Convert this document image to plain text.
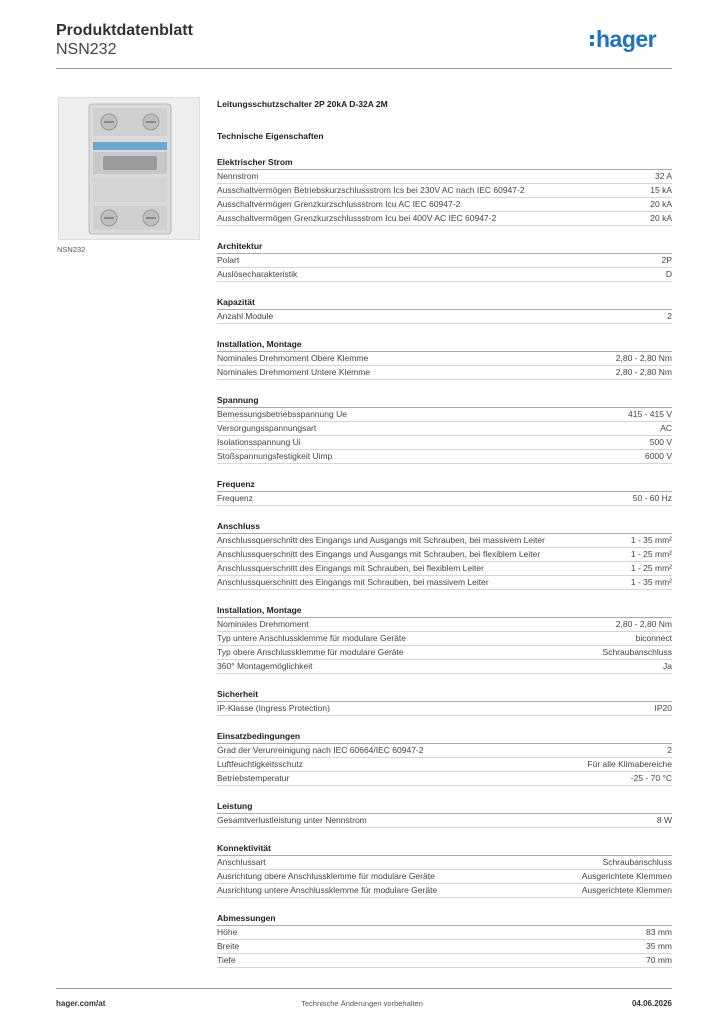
Produktdatenblatt
NSN232	hager
NSN232
Leitungsschutzschalter 2P 20kA D-32A 2M
Technische Eigenschaften
Elektrischer Strom
Nennstrom	32 A
Ausschaltvermögen Betriebskurzschlussstrom Ics bei 230V AC nach IEC 60947-2	15 kA
Ausschaltvermögen Grenzkurzschlussstrom Icu AC IEC 60947-2	20 kA
Ausschaltvermögen Grenzkurzschlussstrom Icu bei 400V AC IEC 60947-2	20 kA
Architektur
Polart	2P
Auslösecharakteristik	D
Kapazität
Anzahl Module	2
Installation, Montage
Nominales Drehmoment Obere Klemme	2,80 - 2,80 Nm
Nominales Drehmoment Untere Klemme	2,80 - 2,80 Nm
Spannung
Bemessungsbetriebsspannung Ue	415 - 415 V
Versorgungsspannungsart	AC
Isolationsspannung Ui	500 V
Stoßspannungsfestigkeit Uimp	6000 V
Frequenz
Frequenz	50 - 60 Hz
Anschluss
Anschlussquerschnitt des Eingangs und Ausgangs mit Schrauben, bei massivem Leiter	1 - 35 mm²
Anschlussquerschnitt des Eingangs und Ausgangs mit Schrauben, bei flexiblem Leiter	1 - 25 mm²
Anschlussquerschnitt des Eingangs mit Schrauben, bei flexiblem Leiter	1 - 25 mm²
Anschlussquerschnitt des Eingangs mit Schrauben, bei massivem Leiter	1 - 35 mm²
Installation, Montage
Nominales Drehmoment	2,80 - 2,80 Nm
Typ untere Anschlussklemme für modulare Geräte	biconnect
Typ obere Anschlussklemme für modulare Geräte	Schraubanschluss
360° Montagemöglichkeit	Ja
Sicherheit
IP-Klasse (Ingress Protection)	IP20
Einsatzbedingungen
Grad der Verunreinigung nach IEC 60664/IEC 60947-2	2
Luftfeuchtigkeitsschutz	Für alle Klimabereiche
Betriebstemperatur	-25 - 70 °C
Leistung
Gesamtverlustleistung unter Nennstrom	8 W
Konnektivität
Anschlussart	Schraubanschluss
Ausrichtung obere Anschlussklemme für modulare Geräte	Ausgerichtete Klemmen
Ausrichtung untere Anschlussklemme für modulare Geräte	Ausgerichtete Klemmen
Abmessungen
Höhe	83 mm
Breite	35 mm
Tiefe	70 mm
hager.com/at	Technische Änderungen vorbehalten	04.06.2026
